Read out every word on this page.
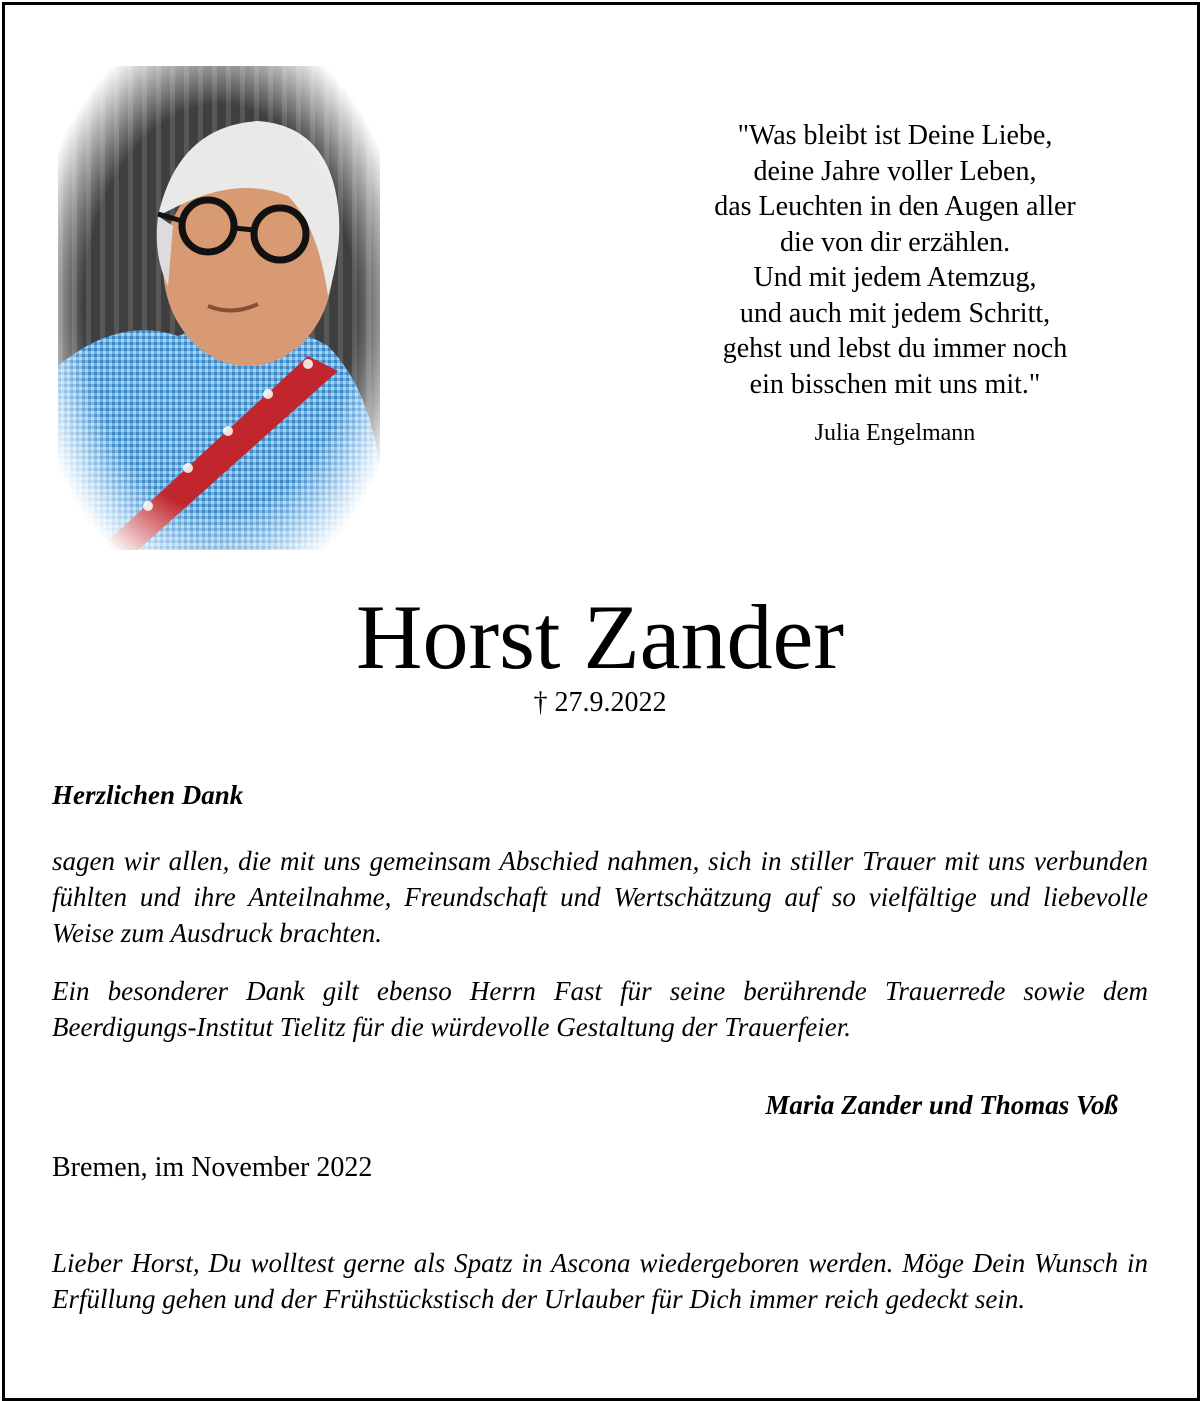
"Was bleibt ist Deine Liebe,
deine Jahre voller Leben,
das Leuchten in den Augen aller
die von dir erzählen.
Und mit jedem Atemzug,
und auch mit jedem Schritt,
gehst und lebst du immer noch
ein bisschen mit uns mit."
Julia Engelmann
Horst Zander
† 27.9.2022
Herzlichen Dank
sagen wir allen, die mit uns gemeinsam Abschied nahmen, sich in stiller Trauer mit uns verbunden fühlten und ihre Anteilnahme, Freundschaft und Wertschätzung auf so vielfältige und liebevolle Weise zum Ausdruck brachten.
Ein besonderer Dank gilt ebenso Herrn Fast für seine berührende Trauerrede sowie dem Beerdigungs-Institut Tielitz für die würdevolle Gestaltung der Trauerfeier.
Maria Zander und Thomas Voß
Bremen, im November 2022
Lieber Horst, Du wolltest gerne als Spatz in Ascona wiedergeboren werden. Möge Dein Wunsch in Erfüllung gehen und der Frühstückstisch der Urlauber für Dich immer reich gedeckt sein.
